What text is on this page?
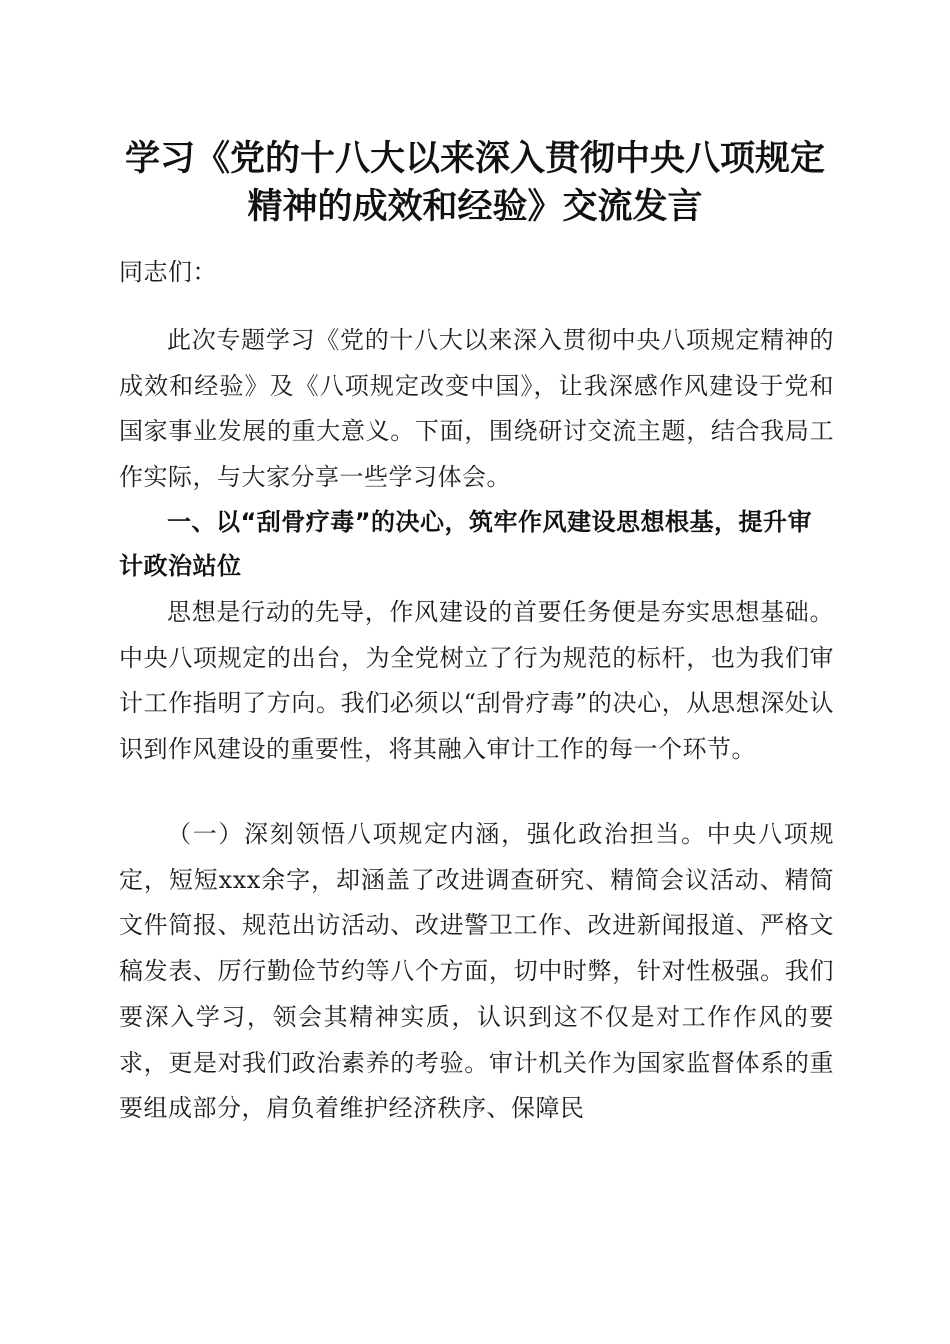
学习《党的十八大以来深入贯彻中央八项规定
精神的成效和经验》交流发言
同志们：

此次专题学习《党的十八大以来深入贯彻中央八项规定精神的成效和经验》及《八项规定改变中国》，让我深感作风建设于党和国家事业发展的重大意义。下面，围绕研讨交流主题，结合我局工作实际，与大家分享一些学习体会。

一、以“刮骨疗毒”的决心，筑牢作风建设思想根基，提升审计政治站位

思想是行动的先导，作风建设的首要任务便是夯实思想基础。中央八项规定的出台，为全党树立了行为规范的标杆，也为我们审计工作指明了方向。我们必须以“刮骨疗毒”的决心，从思想深处认识到作风建设的重要性，将其融入审计工作的每一个环节。

（一）深刻领悟八项规定内涵，强化政治担当。中央八项规定，短短xxx余字，却涵盖了改进调查研究、精简会议活动、精简文件简报、规范出访活动、改进警卫工作、改进新闻报道、严格文稿发表、厉行勤俭节约等八个方面，切中时弊，针对性极强。我们要深入学习，领会其精神实质，认识到这不仅是对工作作风的要求，更是对我们政治素养的考验。审计机关作为国家监督体系的重要组成部分，肩负着维护经济秩序、保障民
